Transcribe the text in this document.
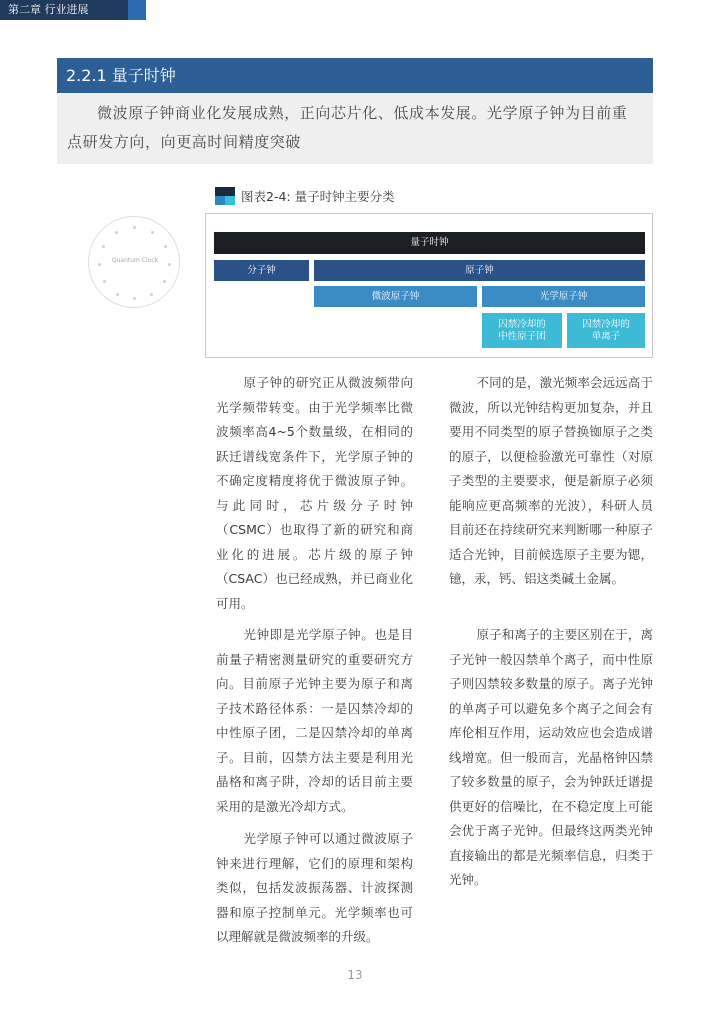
第二章 行业进展
2.2.1 量子时钟
微波原子钟商业化发展成熟，正向芯片化、低成本发展。光学原子钟为目前重点研发方向，向更高时间精度突破
图表2-4: 量子时钟主要分类
Quantum Clock
量子时钟
分子钟	原子钟
微波原子钟	光学原子钟
囚禁冷却的
中性原子团
囚禁冷却的
单离子

原子钟的研究正从微波频带向光学频带转变。由于光学频率比微波频率高4~5个数量级，在相同的跃迁谱线宽条件下，光学原子钟的不确定度精度将优于微波原子钟。与此同时，芯片级分子时钟（CSMC）也取得了新的研究和商业化的进展。芯片级的原子钟（CSAC）也已经成熟，并已商业化可用。

光钟即是光学原子钟。也是目前量子精密测量研究的重要研究方向。目前原子光钟主要为原子和离子技术路径体系：一是囚禁冷却的中性原子团，二是囚禁冷却的单离子。目前，囚禁方法主要是利用光晶格和离子阱，冷却的话目前主要采用的是激光冷却方式。

光学原子钟可以通过微波原子钟来进行理解，它们的原理和架构类似，包括发波振荡器、计波探测器和原子控制单元。光学频率也可以理解就是微波频率的升级。

不同的是，激光频率会远远高于微波，所以光钟结构更加复杂，并且要用不同类型的原子替换铷原子之类的原子，以便检验激光可靠性（对原子类型的主要要求，便是新原子必须能响应更高频率的光波），科研人员目前还在持续研究来判断哪一种原子适合光钟，目前候选原子主要为锶，镱，汞，钙、铝这类碱土金属。

原子和离子的主要区别在于，离子光钟一般囚禁单个离子，而中性原子则囚禁较多数量的原子。离子光钟的单离子可以避免多个离子之间会有库伦相互作用，运动效应也会造成谱线增宽。但一般而言，光晶格钟囚禁了较多数量的原子，会为钟跃迁谱提供更好的信噪比，在不稳定度上可能会优于离子光钟。但最终这两类光钟直接输出的都是光频率信息，归类于光钟。

13
